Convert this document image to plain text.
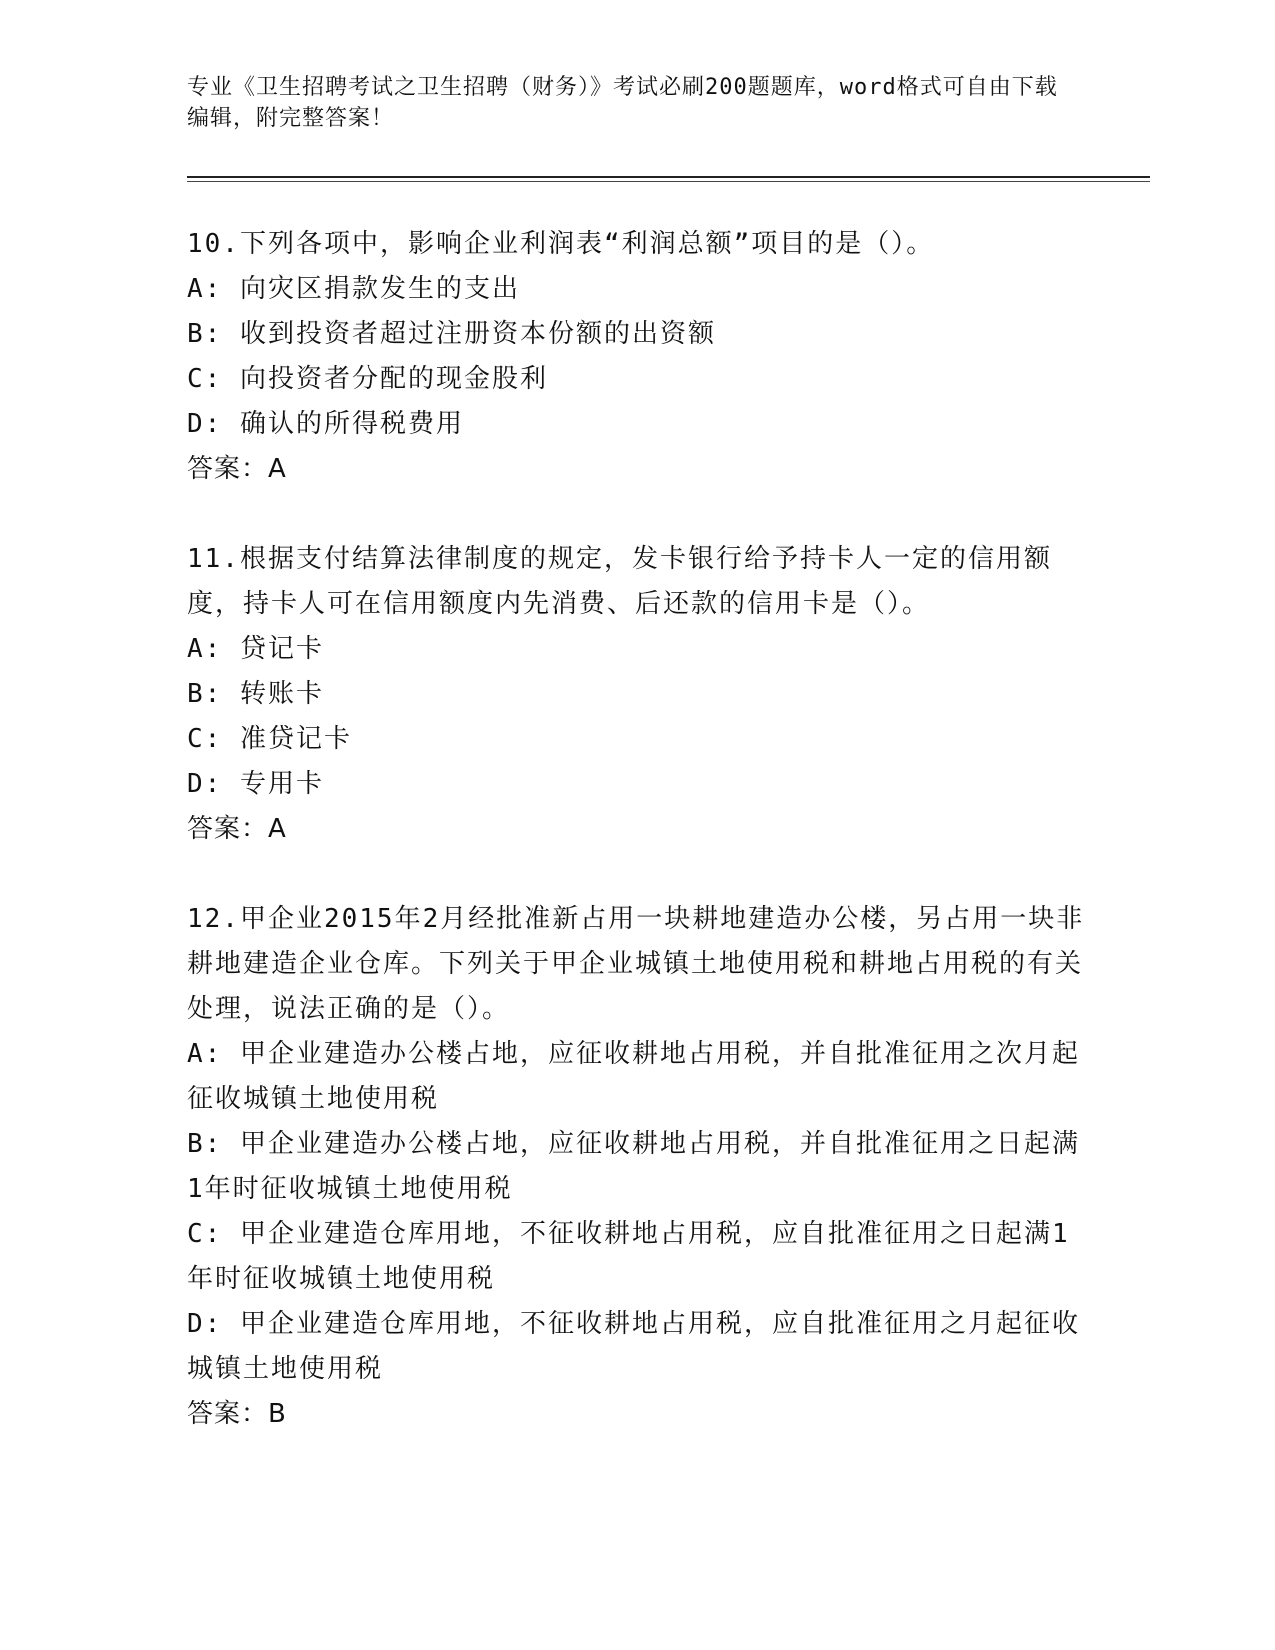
专业《卫生招聘考试之卫生招聘（财务）》考试必刷200题题库，word格式可自由下载编辑，附完整答案！

10.下列各项中，影响企业利润表“利润总额”项目的是（）。

A: 向灾区捐款发生的支出

B: 收到投资者超过注册资本份额的出资额

C: 向投资者分配的现金股利

D: 确认的所得税费用

答案：A

11.根据支付结算法律制度的规定，发卡银行给予持卡人一定的信用额度，持卡人可在信用额度内先消费、后还款的信用卡是（）。

A: 贷记卡

B: 转账卡

C: 准贷记卡

D: 专用卡

答案：A

12.甲企业2015年2月经批准新占用一块耕地建造办公楼，另占用一块非耕地建造企业仓库。下列关于甲企业城镇土地使用税和耕地占用税的有关处理，说法正确的是（）。

A: 甲企业建造办公楼占地，应征收耕地占用税，并自批准征用之次月起征收城镇土地使用税

B: 甲企业建造办公楼占地，应征收耕地占用税，并自批准征用之日起满1年时征收城镇土地使用税

C: 甲企业建造仓库用地，不征收耕地占用税，应自批准征用之日起满1年时征收城镇土地使用税

D: 甲企业建造仓库用地，不征收耕地占用税，应自批准征用之月起征收城镇土地使用税

答案：B
